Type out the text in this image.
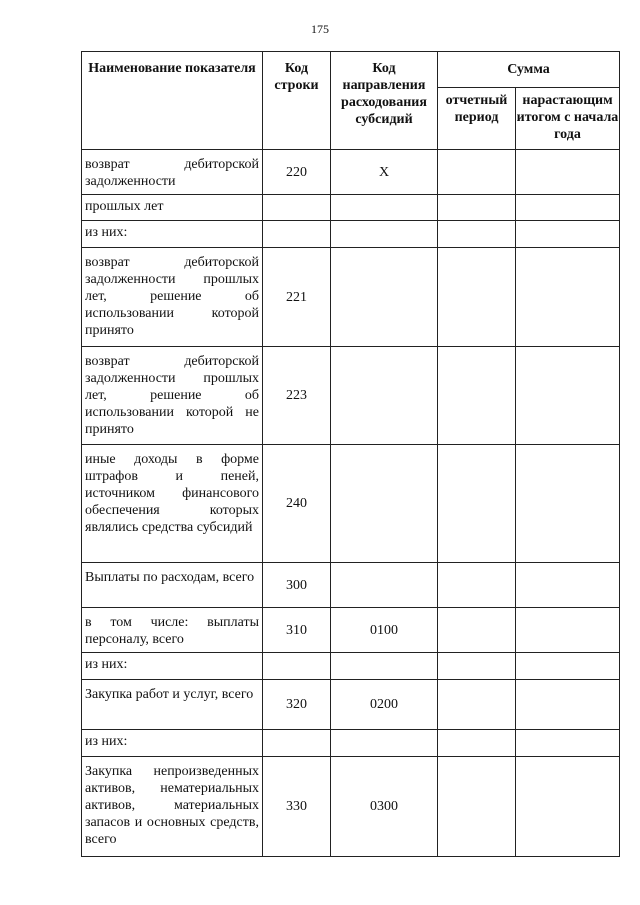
175
Наименование показателя	Код строки	Код направления расходования субсидий	Сумма	
			отчетный период	нарастающим итогом с начала года
возврат дебиторской задолженности	220	X		
прошлых лет				
из них:				
возврат дебиторской задолженности прошлых лет, решение об использовании которой принято	221			
возврат дебиторской задолженности прошлых лет, решение об использовании которой не принято	223			
иные доходы в форме штрафов и пеней, источником финансового обеспечения которых являлись средства субсидий	240			
Выплаты по расходам, всего	300			
в том числе: выплаты персоналу, всего	310	0100		
из них:				
Закупка работ и услуг, всего	320	0200		
из них:				
Закупка непроизведенных активов, нематериальных активов, материальных запасов и основных средств, всего	330	0300		
